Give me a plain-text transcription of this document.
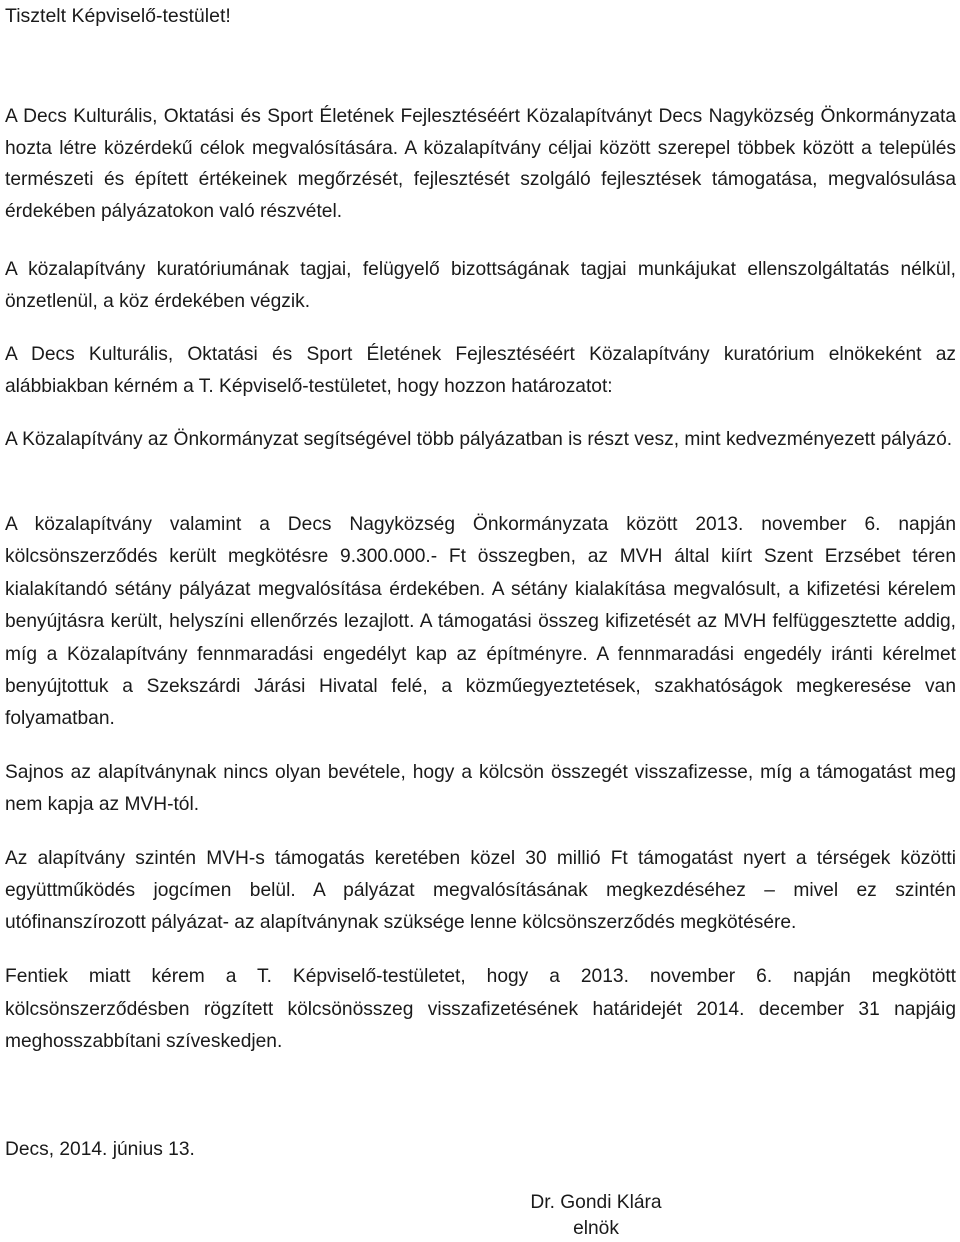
Tisztelt Képviselő-testület!

A Decs Kulturális, Oktatási és Sport Életének Fejlesztéséért Közalapítványt Decs Nagyközség Önkormányzata hozta létre közérdekű célok megvalósítására. A közalapítvány céljai között szerepel többek között a település természeti és épített értékeinek megőrzését, fejlesztését szolgáló fejlesztések támogatása, megvalósulása érdekében pályázatokon való részvétel.

A közalapítvány kuratóriumának tagjai, felügyelő bizottságának tagjai munkájukat ellenszolgáltatás nélkül, önzetlenül, a köz érdekében végzik.

A Decs Kulturális, Oktatási és Sport Életének Fejlesztéséért Közalapítvány kuratórium elnökeként az alábbiakban kérném a T. Képviselő-testületet, hogy hozzon határozatot:

A Közalapítvány az Önkormányzat segítségével több pályázatban is részt vesz, mint kedvezményezett pályázó.

A közalapítvány valamint a Decs Nagyközség Önkormányzata között 2013. november 6. napján kölcsönszerződés került megkötésre 9.300.000.- Ft összegben, az MVH által kiírt Szent Erzsébet téren kialakítandó sétány pályázat megvalósítása érdekében. A sétány kialakítása megvalósult, a kifizetési kérelem benyújtásra került, helyszíni ellenőrzés lezajlott. A támogatási összeg kifizetését az MVH felfüggesztette addig, míg a Közalapítvány fennmaradási engedélyt kap az építményre. A fennmaradási engedély iránti kérelmet benyújtottuk a Szekszárdi Járási Hivatal felé, a közműegyeztetések, szakhatóságok megkeresése van folyamatban.

Sajnos az alapítványnak nincs olyan bevétele, hogy a kölcsön összegét visszafizesse, míg a támogatást meg nem kapja az MVH-tól.

Az alapítvány szintén MVH-s támogatás keretében közel 30 millió Ft támogatást nyert a térségek közötti együttműködés jogcímen belül. A pályázat megvalósításának megkezdéséhez – mivel ez szintén utófinanszírozott pályázat- az alapítványnak szüksége lenne kölcsönszerződés megkötésére.

Fentiek miatt kérem a T. Képviselő-testületet, hogy a 2013. november 6. napján megkötött kölcsönszerződésben rögzített kölcsönösszeg visszafizetésének határidejét 2014. december 31 napjáig meghosszabbítani szíveskedjen.

Decs, 2014. június 13.

Dr. Gondi Klára
elnök
